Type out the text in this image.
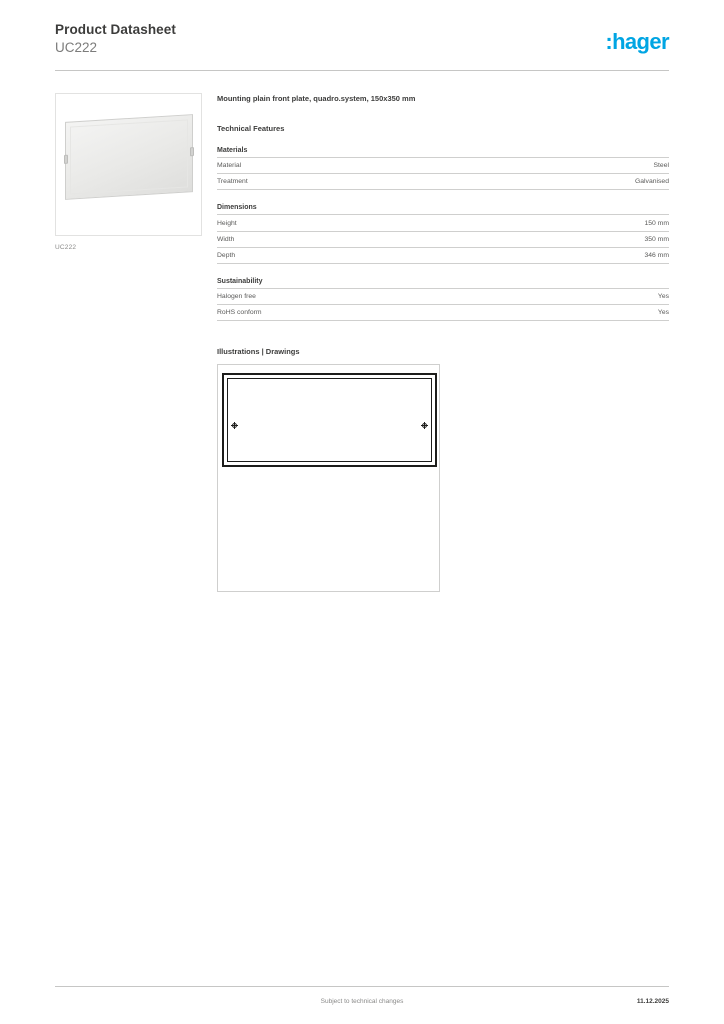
Product Datasheet
UC222	:hager
UC222
Mounting plain front plate, quadro.system, 150x350 mm
Technical Features
Materials
Material	Steel
Treatment	Galvanised
Dimensions
Height	150 mm
Width	350 mm
Depth	346 mm
Sustainability
Halogen free	Yes
RoHS conform	Yes
Illustrations | Drawings
Subject to technical changes	11.12.2025
